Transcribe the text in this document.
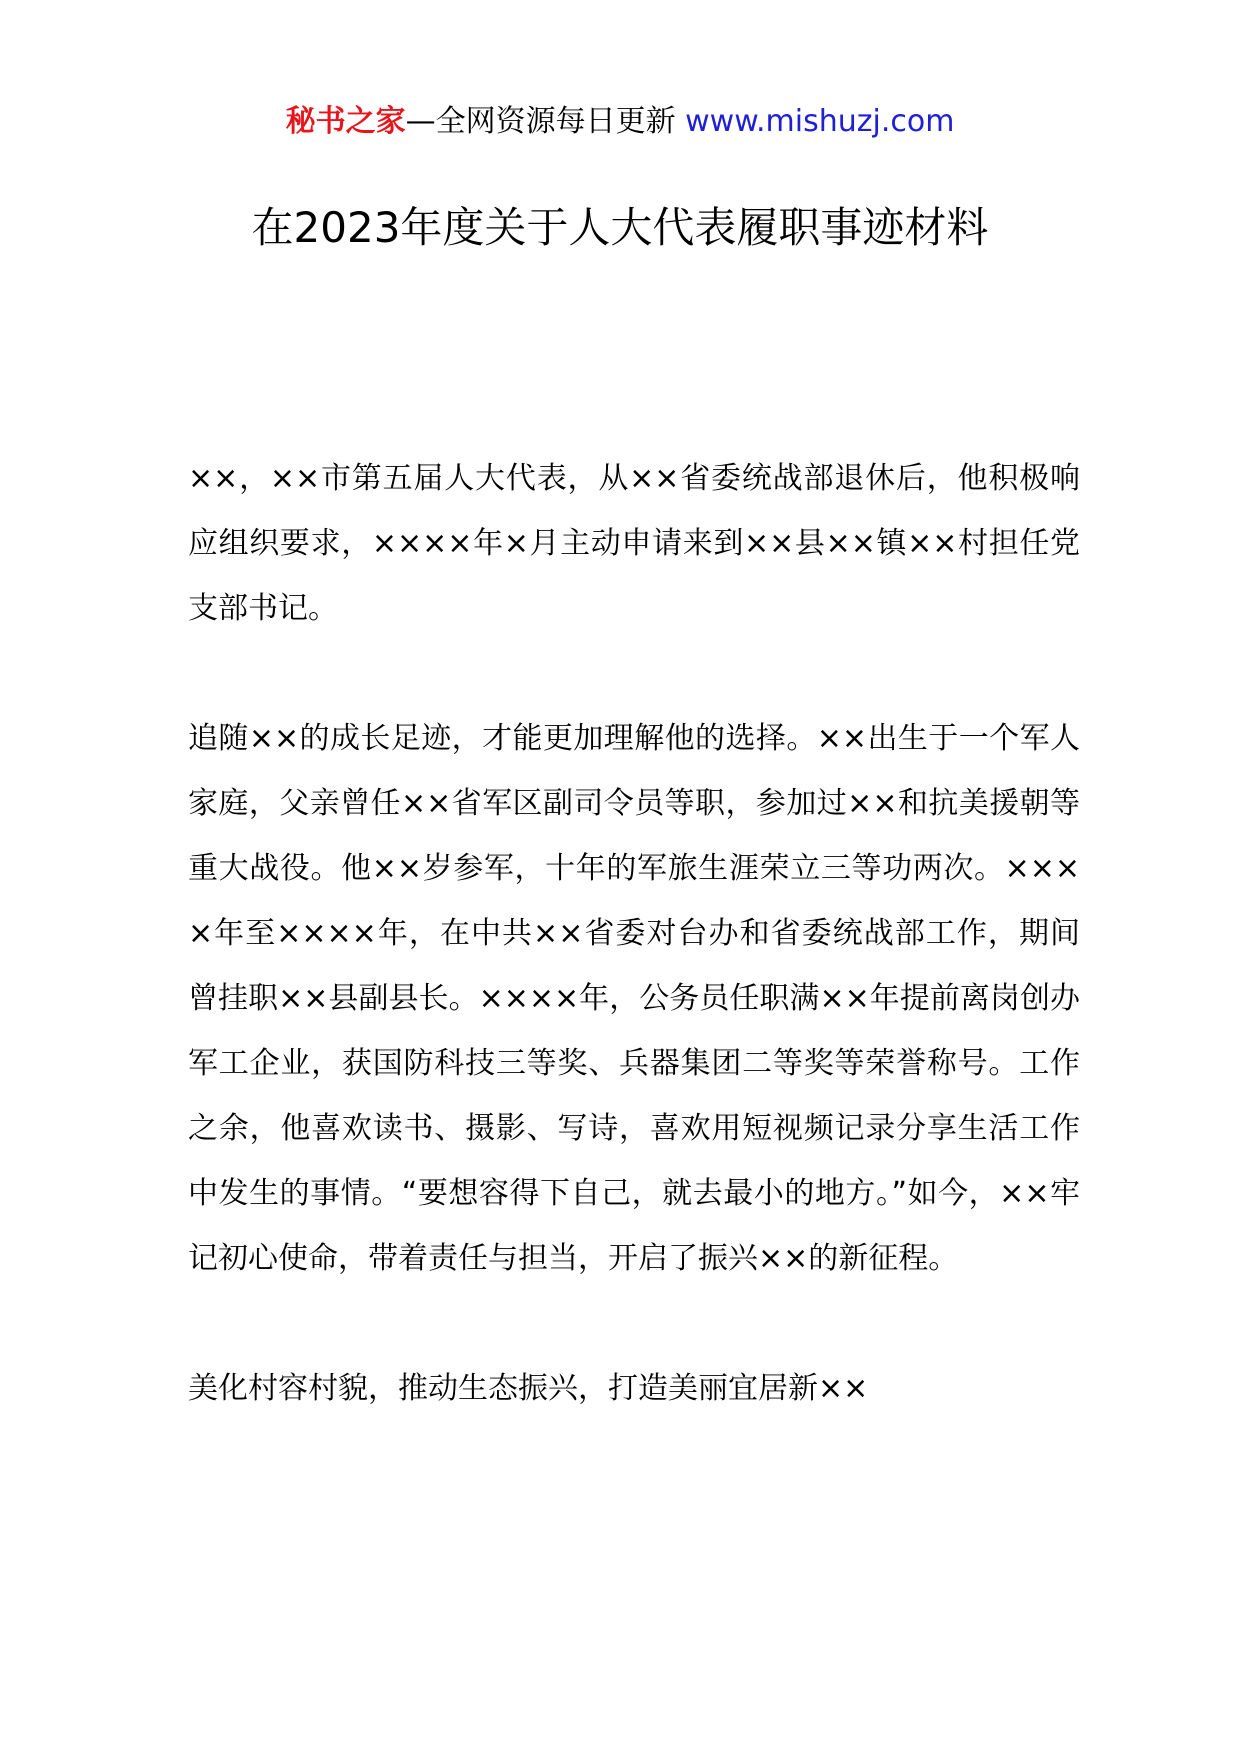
秘书之家—全网资源每日更新 www.mishuzj.com
在2023年度关于人大代表履职事迹材料

××，××市第五届人大代表，从××省委统战部退休后，他积极响应组织要求，××××年×月主动申请来到××县××镇××村担任党支部书记。

追随××的成长足迹，才能更加理解他的选择。××出生于一个军人家庭，父亲曾任××省军区副司令员等职，参加过××和抗美援朝等重大战役。他××岁参军，十年的军旅生涯荣立三等功两次。××××年至××××年，在中共××省委对台办和省委统战部工作，期间曾挂职××县副县长。××××年，公务员任职满××年提前离岗创办军工企业，获国防科技三等奖、兵器集团二等奖等荣誉称号。工作之余，他喜欢读书、摄影、写诗，喜欢用短视频记录分享生活工作中发生的事情。“要想容得下自己，就去最小的地方。”如今，××牢记初心使命，带着责任与担当，开启了振兴××的新征程。

美化村容村貌，推动生态振兴，打造美丽宜居新××
